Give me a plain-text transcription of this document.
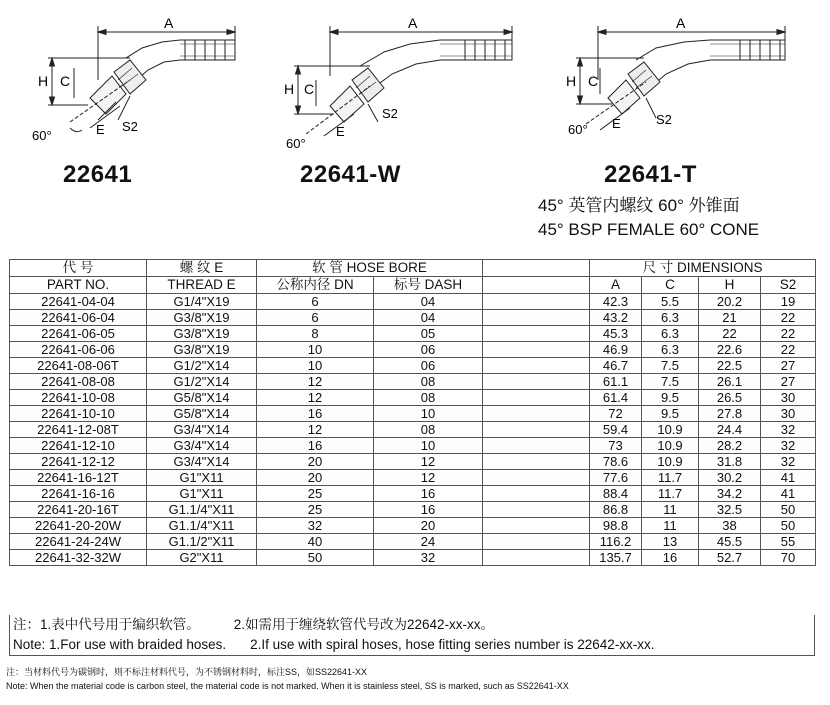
A
H C
E S2
60°
A
H C
E
S2
60°
A
H C
E	S2
60°
22641	22641-W	22641-T
45° 英管内螺纹 60° 外锥面
45° BSP FEMALE 60° CONE
代 号	螺 纹 E	软 管 HOSE BORE			尺 寸 DIMENSIONS			
PART NO.	THREAD E	公称内径 DN	标号 DASH		A	C	H	S2
22641-04-04	G1/4"X19	6	04		42.3	5.5	20.2	19
22641-06-04	G3/8"X19	6	04		43.2	6.3	21	22
22641-06-05	G3/8"X19	8	05		45.3	6.3	22	22
22641-06-06	G3/8"X19	10	06		46.9	6.3	22.6	22
22641-08-06T	G1/2"X14	10	06		46.7	7.5	22.5	27
22641-08-08	G1/2"X14	12	08		61.1	7.5	26.1	27
22641-10-08	G5/8"X14	12	08		61.4	9.5	26.5	30
22641-10-10	G5/8"X14	16	10		72	9.5	27.8	30
22641-12-08T	G3/4"X14	12	08		59.4	10.9	24.4	32
22641-12-10	G3/4"X14	16	10		73	10.9	28.2	32
22641-12-12	G3/4"X14	20	12		78.6	10.9	31.8	32
22641-16-12T	G1"X11	20	12		77.6	11.7	30.2	41
22641-16-16	G1"X11	25	16		88.4	11.7	34.2	41
22641-20-16T	G1.1/4"X11	25	16		86.8	11	32.5	50
22641-20-20W	G1.1/4"X11	32	20		98.8	11	38	50
22641-24-24W	G1.1/2"X11	40	24		116.2	13	45.5	55
22641-32-32W	G2"X11	50	32		135.7	16	52.7	70
注：1.表中代号用于编织软管。	2.如需用于缠绕软管代号改为22642-xx-xx。
Note: 1.For use with braided hoses. 2.If use with spiral hoses, hose fitting series number is 22642-xx-xx.
注：当材料代号为碳钢时，则不标注材料代号，为不锈钢材料时，标注SS，如SS22641-XX
Note: When the material code is carbon steel, the material code is not marked. When it is stainless steel, SS is marked, such as SS22641-XX
